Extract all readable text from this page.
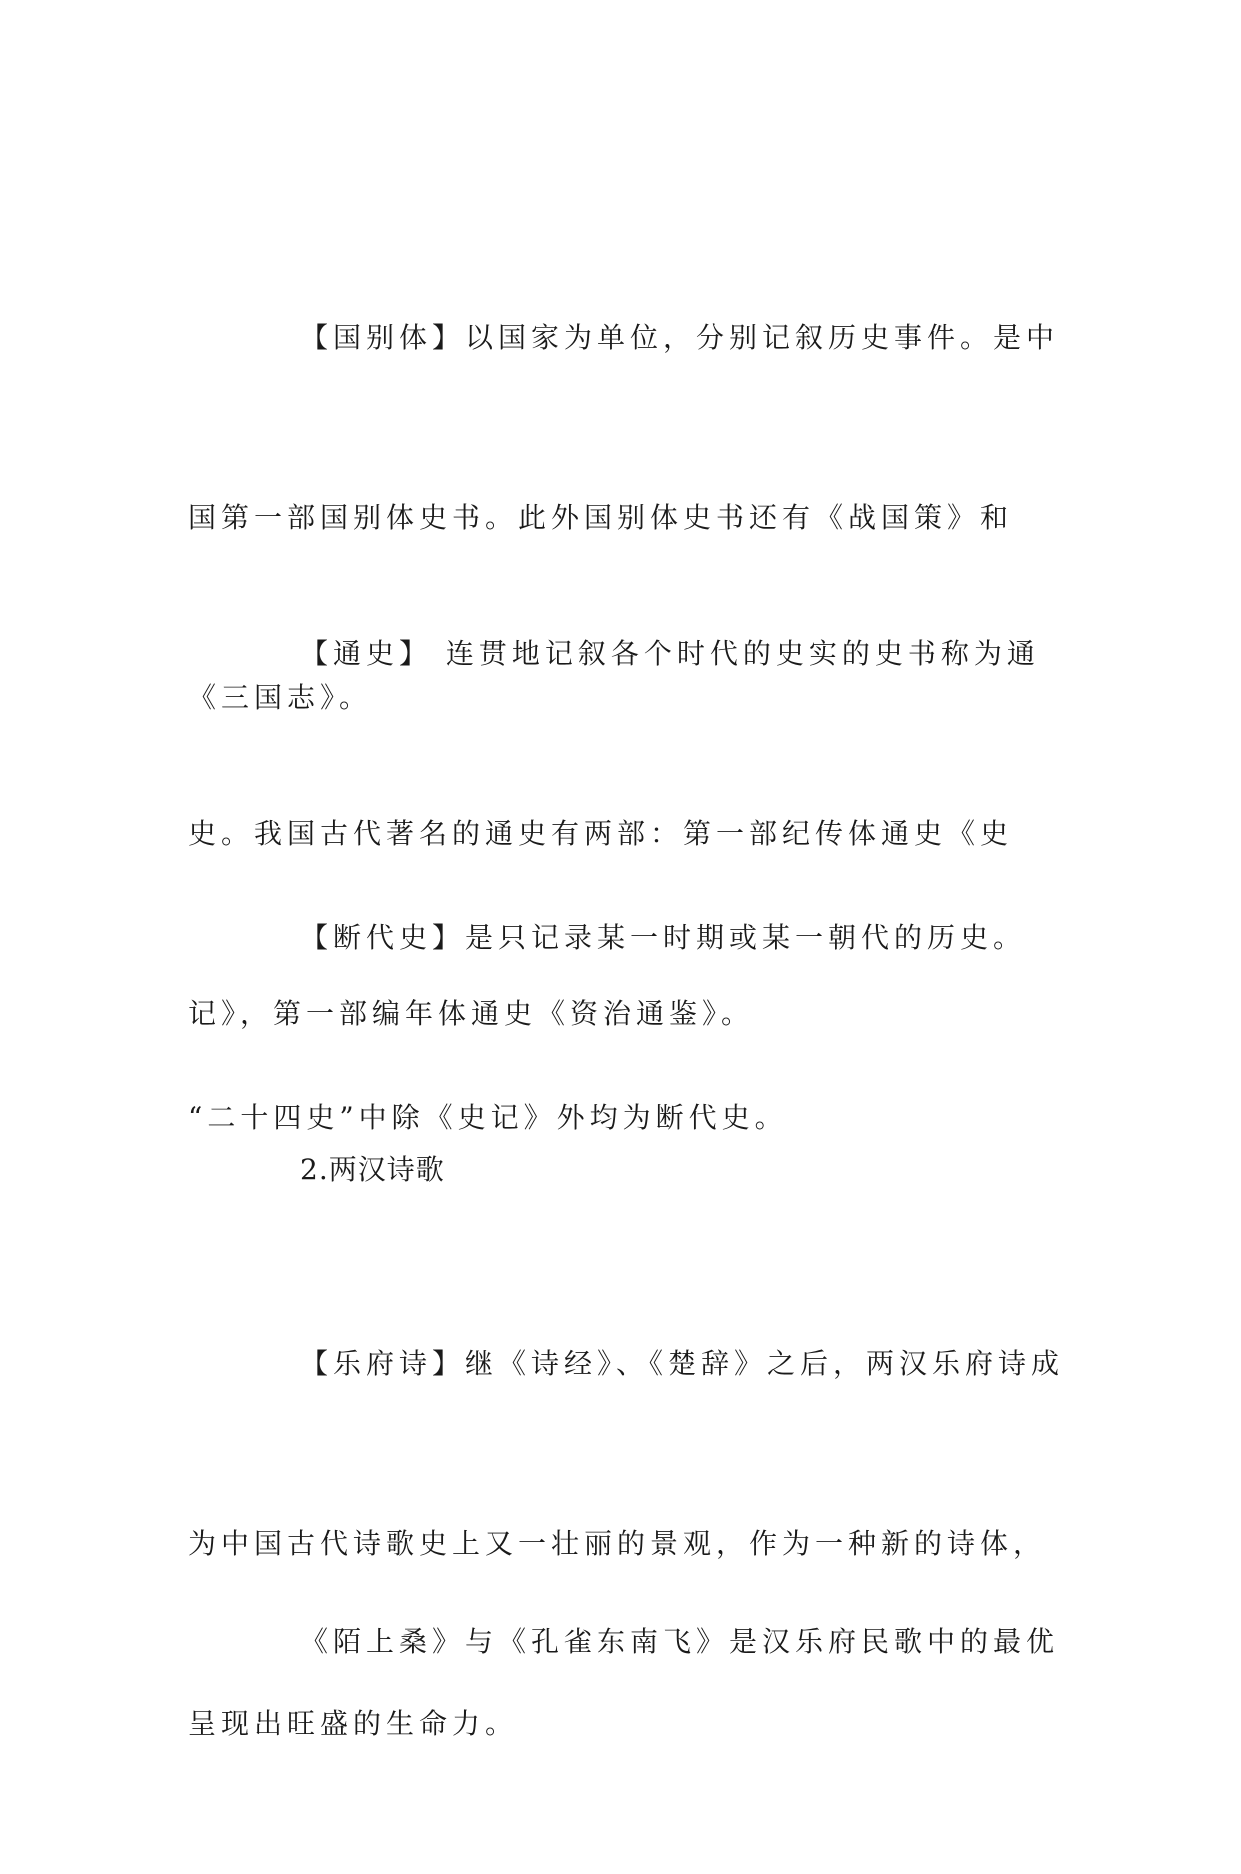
【国别体】以国家为单位，分别记叙历史事件。是中

国第一部国别体史书。此外国别体史书还有《战国策》和

《三国志》。

【通史】 连贯地记叙各个时代的史实的史书称为通

史。我国古代著名的通史有两部：第一部纪传体通史《史

记》，第一部编年体通史《资治通鉴》。

【断代史】是只记录某一时期或某一朝代的历史。

“二十四史”中除《史记》外均为断代史。

2.两汉诗歌

【乐府诗】继《诗经》、《楚辞》之后，两汉乐府诗成

为中国古代诗歌史上又一壮丽的景观，作为一种新的诗体，

呈现出旺盛的生命力。

《陌上桑》与《孔雀东南飞》是汉乐府民歌中的最优
